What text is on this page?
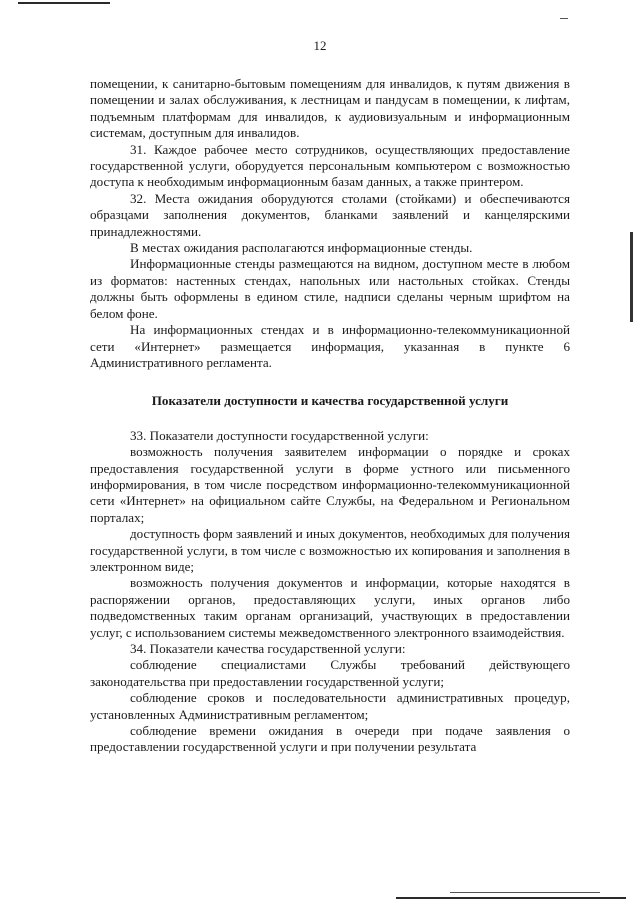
12

помещении, к санитарно-бытовым помещениям для инвалидов, к путям движения в помещении и залах обслуживания, к лестницам и пандусам в помещении, к лифтам, подъемным платформам для инвалидов, к аудиовизуальным и информационным системам, доступным для инвалидов.

31. Каждое рабочее место сотрудников, осуществляющих предоставление государственной услуги, оборудуется персональным компьютером с возможностью доступа к необходимым информационным базам данных, а также принтером.

32. Места ожидания оборудуются столами (стойками) и обеспечиваются образцами заполнения документов, бланками заявлений и канцелярскими принадлежностями.

В местах ожидания располагаются информационные стенды.

Информационные стенды размещаются на видном, доступном месте в любом из форматов: настенных стендах, напольных или настольных стойках. Стенды должны быть оформлены в едином стиле, надписи сделаны черным шрифтом на белом фоне.

На информационных стендах и в информационно-телекоммуникационной сети «Интернет» размещается информация, указанная в пункте 6 Административного регламента.

Показатели доступности и качества государственной услуги

33. Показатели доступности государственной услуги:

возможность получения заявителем информации о порядке и сроках предоставления государственной услуги в форме устного или письменного информирования, в том числе посредством информационно-телекоммуникационной сети «Интернет» на официальном сайте Службы, на Федеральном и Региональном порталах;

доступность форм заявлений и иных документов, необходимых для получения государственной услуги, в том числе с возможностью их копирования и заполнения в электронном виде;

возможность получения документов и информации, которые находятся в распоряжении органов, предоставляющих услуги, иных органов либо подведомственных таким органам организаций, участвующих в предоставлении услуг, с использованием системы межведомственного электронного взаимодействия.

34. Показатели качества государственной услуги:

соблюдение специалистами Службы требований действующего законодательства при предоставлении государственной услуги;

соблюдение сроков и последовательности административных процедур, установленных Административным регламентом;

соблюдение времени ожидания в очереди при подаче заявления о предоставлении государственной услуги и при получении результата
